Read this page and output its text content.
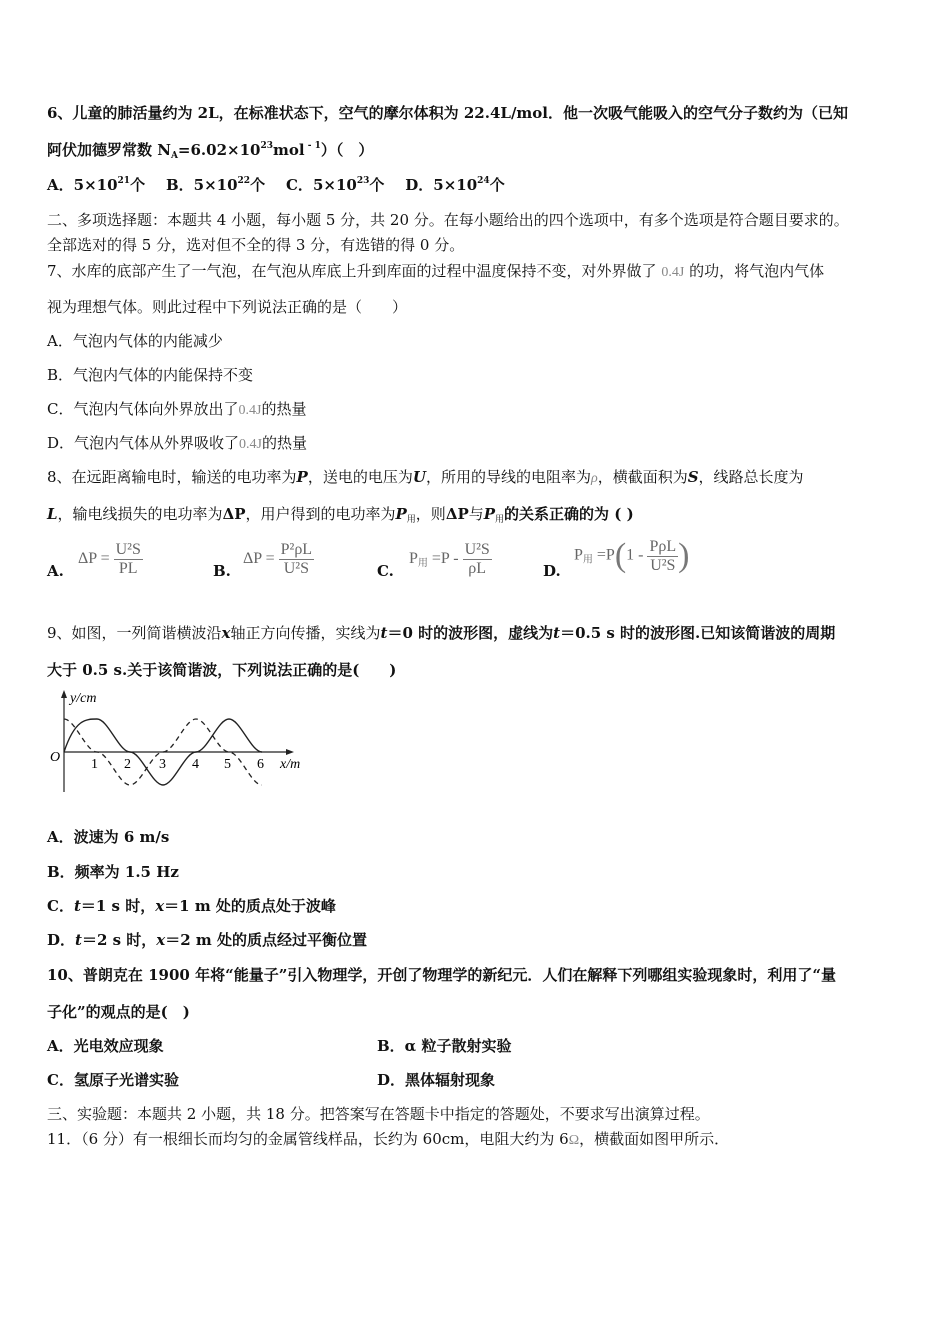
6、儿童的肺活量约为 2L，在标准状态下，空气的摩尔体积为 22.4L/mol．他一次吸气能吸入的空气分子数约为（已知
阿伏加德罗常数 $N_A=6.02\times 10^{23}mol$ $^{- 1}$）（　）
A．$5\times 10^{21}$个 B．$5\times 10^{22}$个 C．$5\times 10^{23}$个 D．$5\times 10^{24}$个
二、多项选择题：本题共 4 小题，每小题 5 分，共 20 分。在每小题给出的四个选项中，有多个选项是符合题目要求的。
全部选对的得 5 分，选对但不全的得 3 分，有选错的得 0 分。
7、水库的底部产生了一气泡，在气泡从库底上升到库面的过程中温度保持不变，对外界做了 0.4J 的功，将气泡内气体
视为理想气体。则此过程中下列说法正确的是（　　）
A．气泡内气体的内能减少
B．气泡内气体的内能保持不变
C．气泡内气体向外界放出了0.4J的热量
D．气泡内气体从外界吸收了0.4J的热量
8、在远距离输电时，输送的电功率为P，送电的电压为U，所用的导线的电阻率为ρ，横截面积为S，线路总长度为
L，输电线损失的电功率为ΔP，用户得到的电功率为$P_用$，则ΔP与$P_用$的关系正确的为 ( )
A.
$\Delta P = \frac{\text{U²S}}{PL}$	B.
$\Delta P = \frac{\text{P²ρL}}{\text{U²S}}$	C.
$P_用 =P - \frac{\text{U²S}}{\rho L}$	D.
$P_用 =P(1 - \frac{\text{PρL}}{\text{U²S}}$ )
9、如图，一列简谐横波沿x轴正方向传播，实线为t＝0 时的波形图，虚线为t＝0.5 s 时的波形图.已知该简谐波的周期
大于 0.5 s.关于该简谐波，下列说法正确的是(　　)
y/cm
O 1 2 3 4 5 6 x/m
A．波速为 6 m/s
B．频率为 1.5 Hz
C．t＝1 s 时，x＝1 m 处的质点处于波峰
D．t＝2 s 时，x＝2 m 处的质点经过平衡位置
10、普朗克在 1900 年将“能量子”引入物理学，开创了物理学的新纪元．人们在解释下列哪组实验现象时，利用了“量
子化”的观点的是(　)
A．光电效应现象	B．α 粒子散射实验
C．氢原子光谱实验	D．黑体辐射现象
三、实验题：本题共 2 小题，共 18 分。把答案写在答题卡中指定的答题处，不要求写出演算过程。
11．（6 分）有一根细长而均匀的金属管线样品，长约为 60cm，电阻大约为 6Ω，横截面如图甲所示．
